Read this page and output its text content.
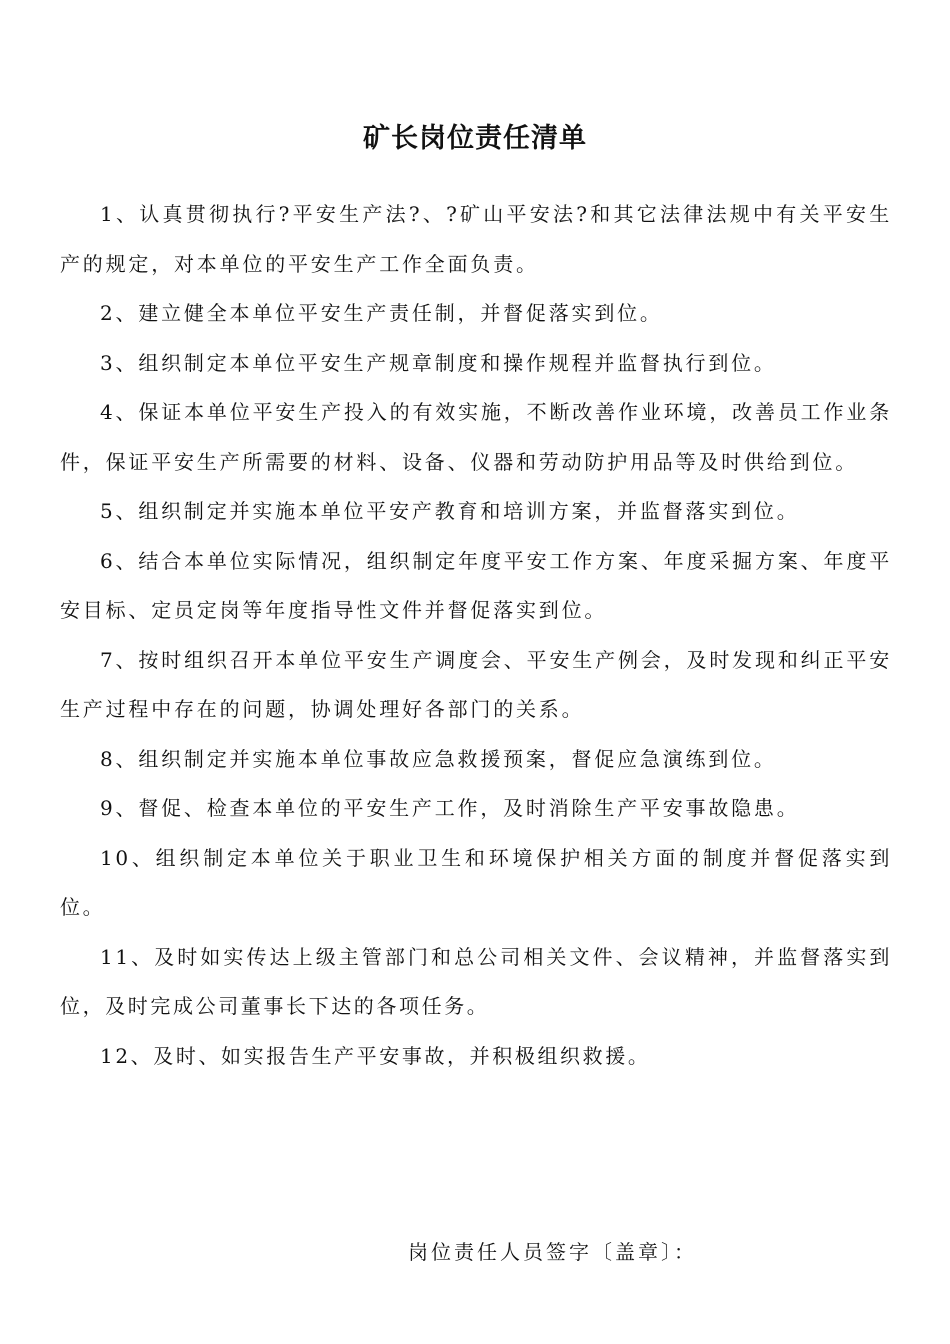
矿长岗位责任清单

1、认真贯彻执行?平安生产法?、?矿山平安法?和其它法律法规中有关平安生产的规定，对本单位的平安生产工作全面负责。

2、建立健全本单位平安生产责任制，并督促落实到位。

3、组织制定本单位平安生产规章制度和操作规程并监督执行到位。

4、保证本单位平安生产投入的有效实施，不断改善作业环境，改善员工作业条件，保证平安生产所需要的材料、设备、仪器和劳动防护用品等及时供给到位。

5、组织制定并实施本单位平安产教育和培训方案，并监督落实到位。

6、结合本单位实际情况，组织制定年度平安工作方案、年度采掘方案、年度平安目标、定员定岗等年度指导性文件并督促落实到位。

7、按时组织召开本单位平安生产调度会、平安生产例会，及时发现和纠正平安生产过程中存在的问题，协调处理好各部门的关系。

8、组织制定并实施本单位事故应急救援预案，督促应急演练到位。

9、督促、检查本单位的平安生产工作，及时消除生产平安事故隐患。

10、组织制定本单位关于职业卫生和环境保护相关方面的制度并督促落实到位。

11、及时如实传达上级主管部门和总公司相关文件、会议精神，并监督落实到位，及时完成公司董事长下达的各项任务。

12、及时、如实报告生产平安事故，并积极组织救援。

岗位责任人员签字〔盖章〕：
